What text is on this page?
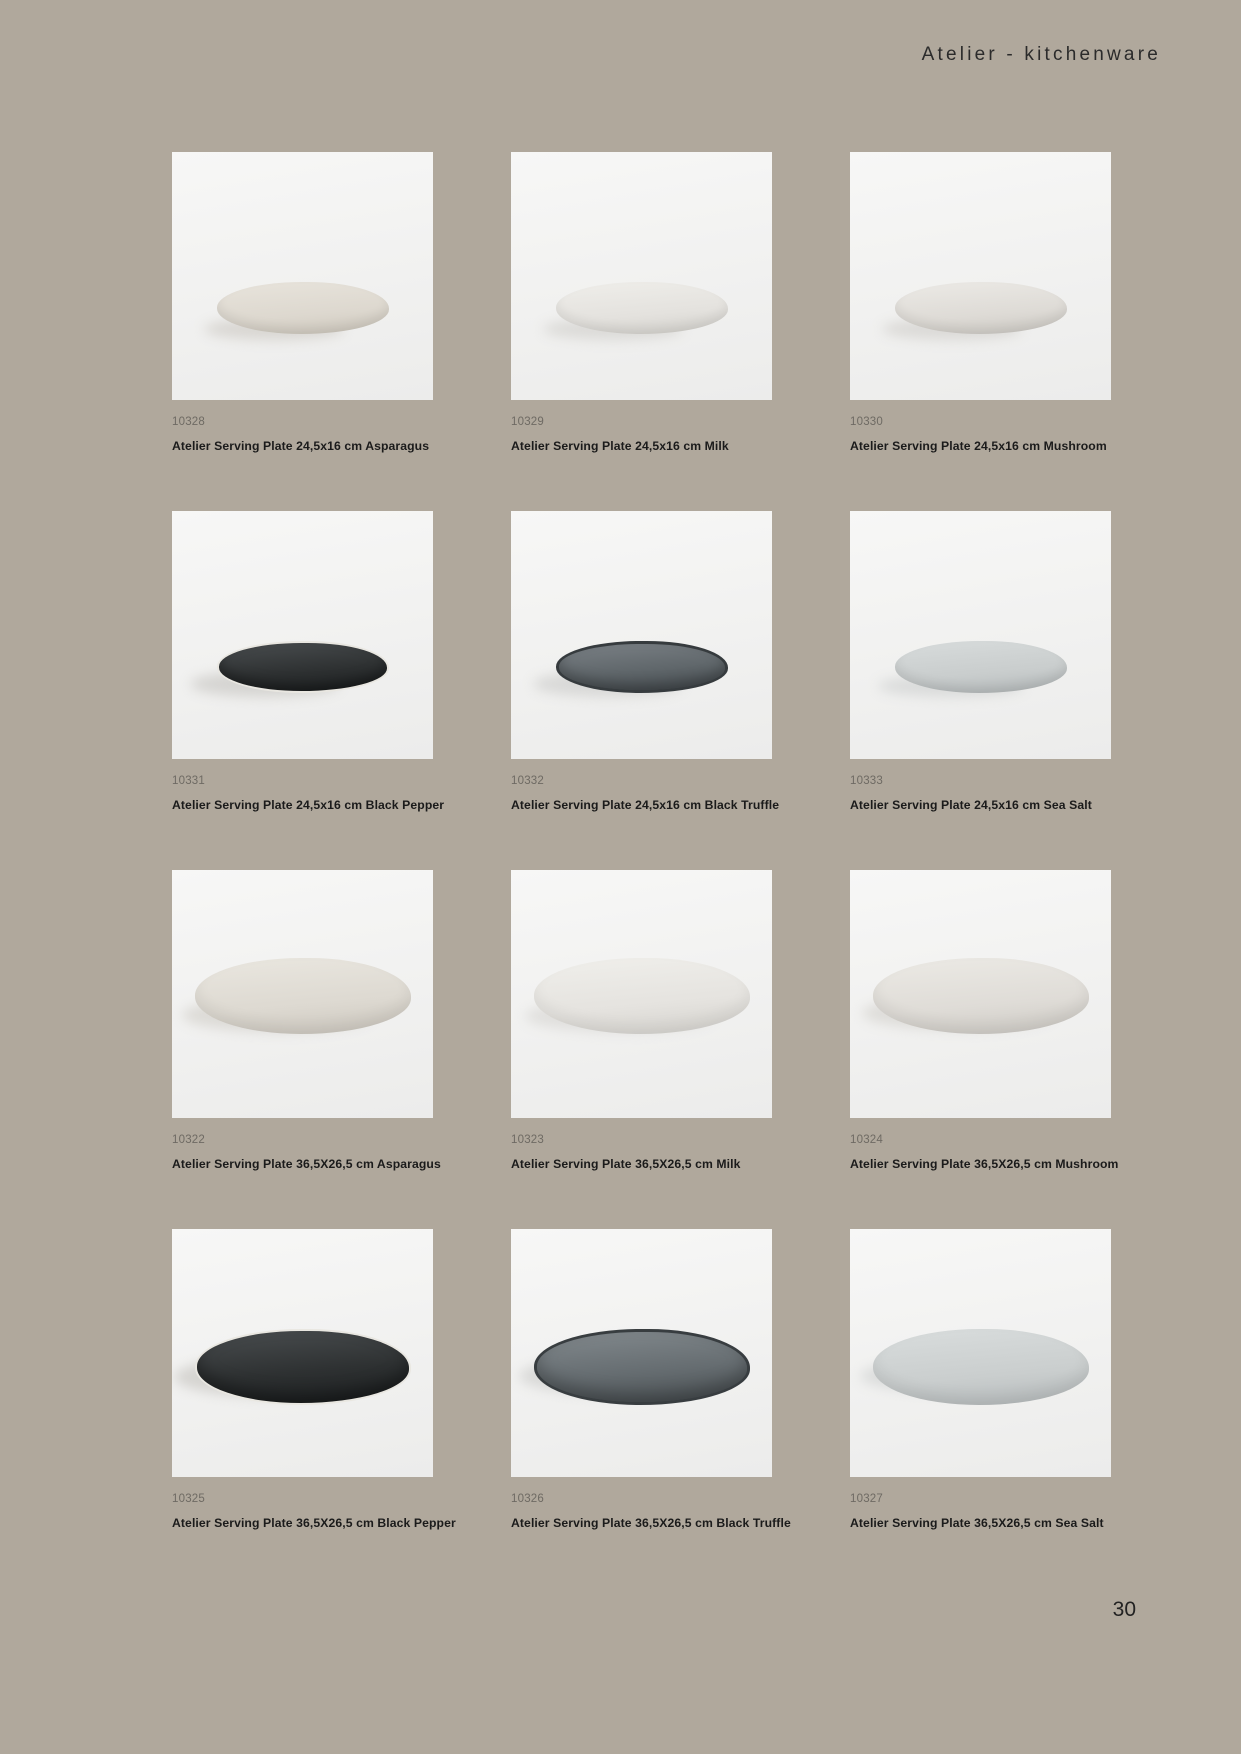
Atelier - kitchenware
10328
Atelier Serving Plate 24,5x16 cm Asparagus
10329
Atelier Serving Plate 24,5x16 cm Milk
10330
Atelier Serving Plate 24,5x16 cm Mushroom
10331
Atelier Serving Plate 24,5x16 cm Black Pepper
10332
Atelier Serving Plate 24,5x16 cm Black Truffle
10333
Atelier Serving Plate 24,5x16 cm Sea Salt
10322
Atelier Serving Plate 36,5X26,5 cm Asparagus
10323
Atelier Serving Plate 36,5X26,5 cm Milk
10324
Atelier Serving Plate 36,5X26,5 cm Mushroom
10325
Atelier Serving Plate 36,5X26,5 cm Black Pepper
10326
Atelier Serving Plate 36,5X26,5 cm Black Truffle
10327
Atelier Serving Plate 36,5X26,5 cm Sea Salt
30
